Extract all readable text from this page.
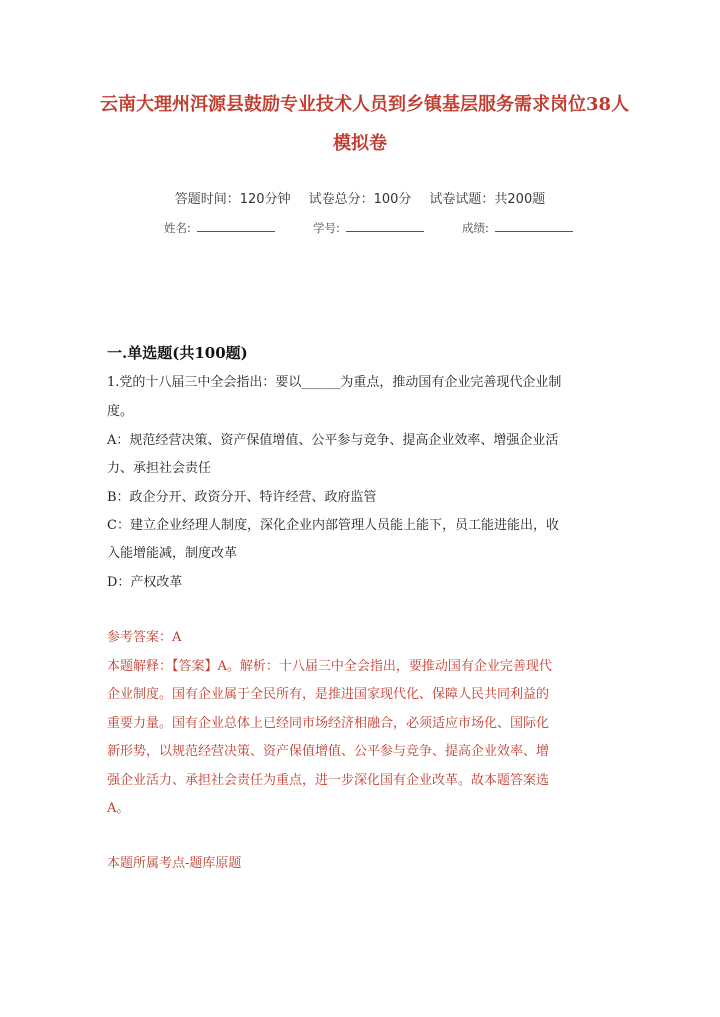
云南大理州洱源县鼓励专业技术人员到乡镇基层服务需求岗位38人
模拟卷
答题时间：120分钟 试卷总分：100分 试卷试题：共200题
姓名:	学号:	成绩:
一.单选题(共100题)
1.党的十八届三中全会指出：要以______为重点，推动国有企业完善现代企业制
度。
A：规范经营决策、资产保值增值、公平参与竞争、提高企业效率、增强企业活
力、承担社会责任
B：政企分开、政资分开、特许经营、政府监管
C：建立企业经理人制度，深化企业内部管理人员能上能下，员工能进能出，收
入能增能减，制度改革
D：产权改革
参考答案：A
本题解释：【答案】A。解析：十八届三中全会指出，要推动国有企业完善现代
企业制度。国有企业属于全民所有，是推进国家现代化、保障人民共同利益的
重要力量。国有企业总体上已经同市场经济相融合，必须适应市场化、国际化
新形势，以规范经营决策、资产保值增值、公平参与竞争、提高企业效率、增
强企业活力、承担社会责任为重点，进一步深化国有企业改革。故本题答案选
A。
本题所属考点-题库原题
